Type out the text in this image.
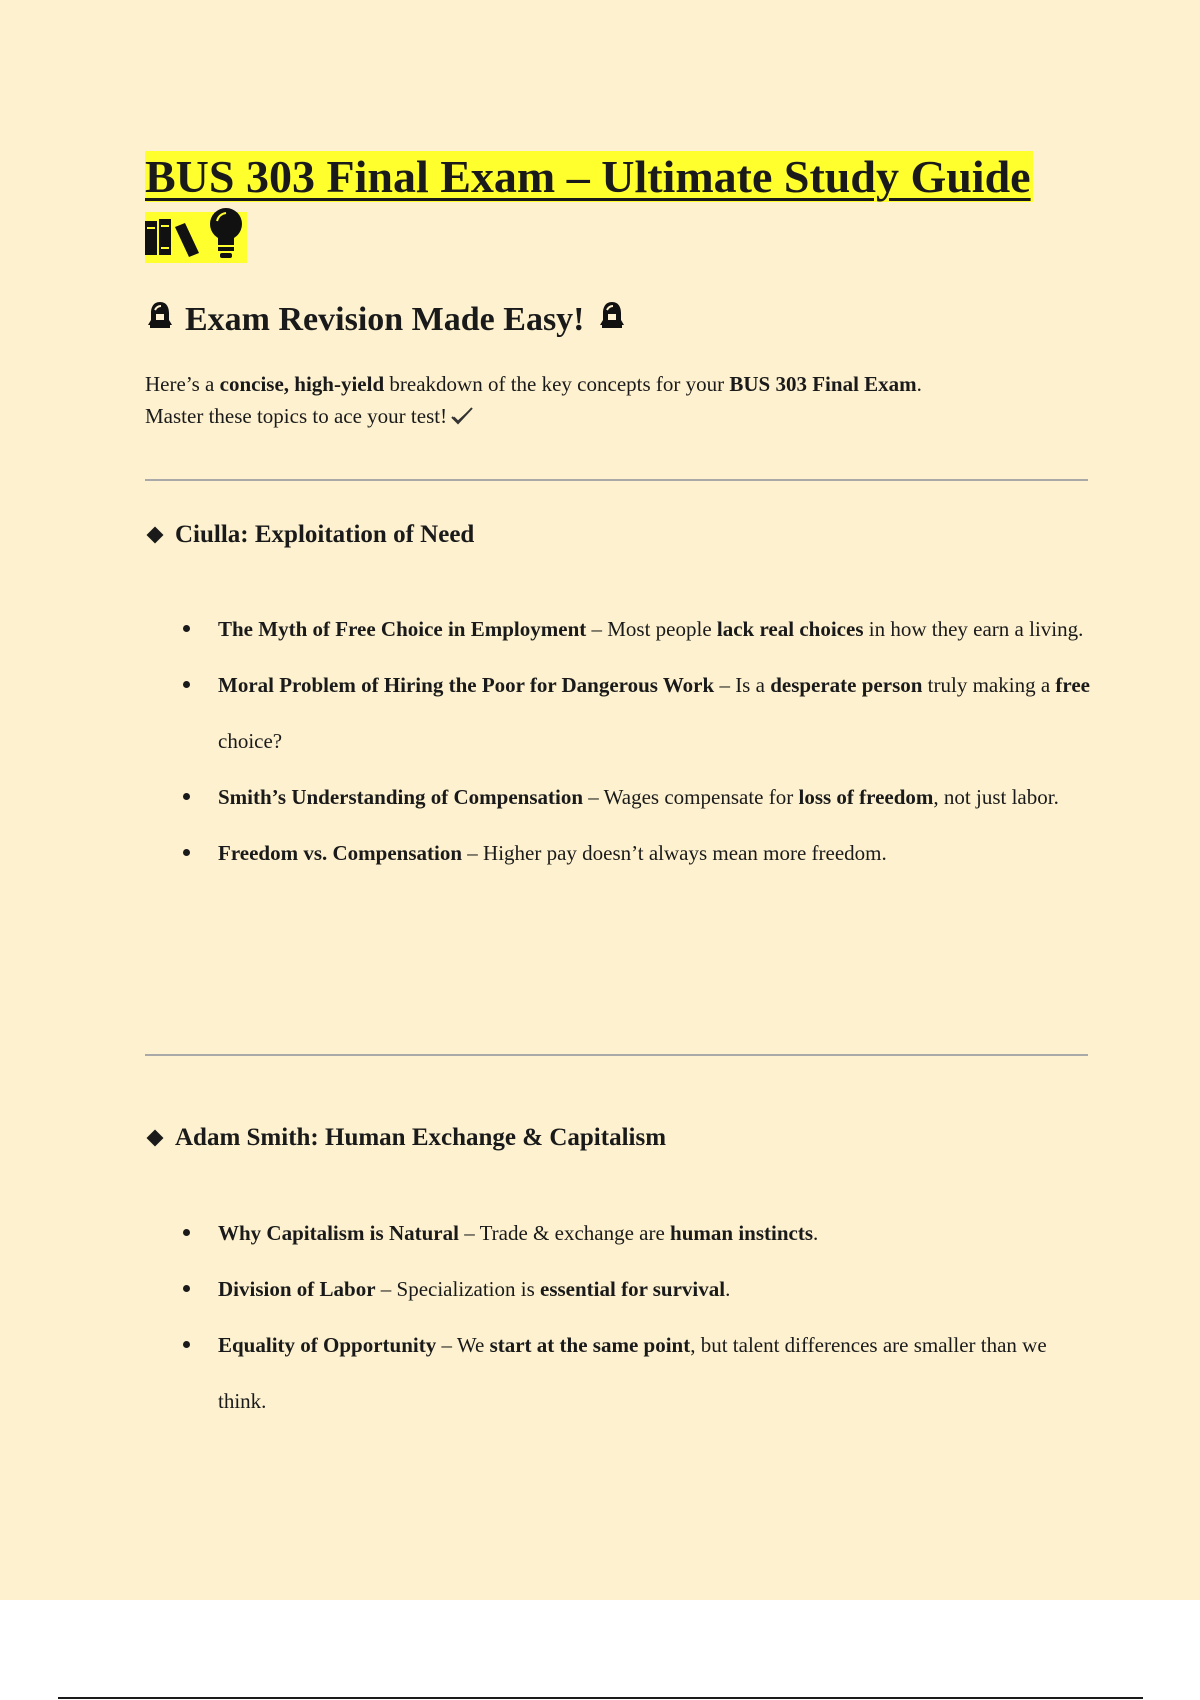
BUS 303 Final Exam – Ultimate Study Guide

Exam Revision Made Easy!

Here’s a concise, high-yield breakdown of the key concepts for your BUS 303 Final Exam.
Master these topics to ace your test!

Ciulla: Exploitation of Need
The Myth of Free Choice in Employment – Most people lack real choices in how they earn a living.
Moral Problem of Hiring the Poor for Dangerous Work – Is a desperate person truly making a free choice?
Smith’s Understanding of Compensation – Wages compensate for loss of freedom, not just labor.
Freedom vs. Compensation – Higher pay doesn’t always mean more freedom.
Adam Smith: Human Exchange & Capitalism
Why Capitalism is Natural – Trade & exchange are human instincts.
Division of Labor – Specialization is essential for survival.
Equality of Opportunity – We start at the same point, but talent differences are smaller than we think.
